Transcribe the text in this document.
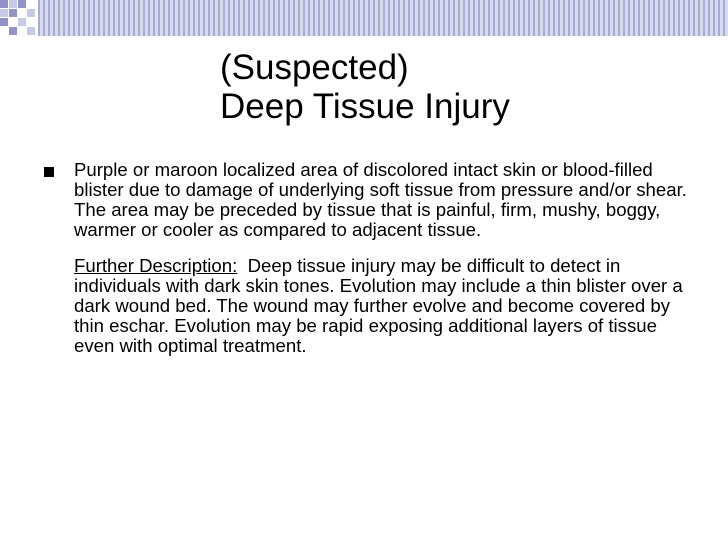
(Suspected)
Deep Tissue Injury
Purple or maroon localized area of discolored intact skin or blood-filled blister due to damage of underlying soft tissue from pressure and/or shear. The area may be preceded by tissue that is painful, firm, mushy, boggy, warmer or cooler as compared to adjacent tissue.
Further Description: Deep tissue injury may be difficult to detect in individuals with dark skin tones. Evolution may include a thin blister over a dark wound bed. The wound may further evolve and become covered by thin eschar. Evolution may be rapid exposing additional layers of tissue even with optimal treatment.
